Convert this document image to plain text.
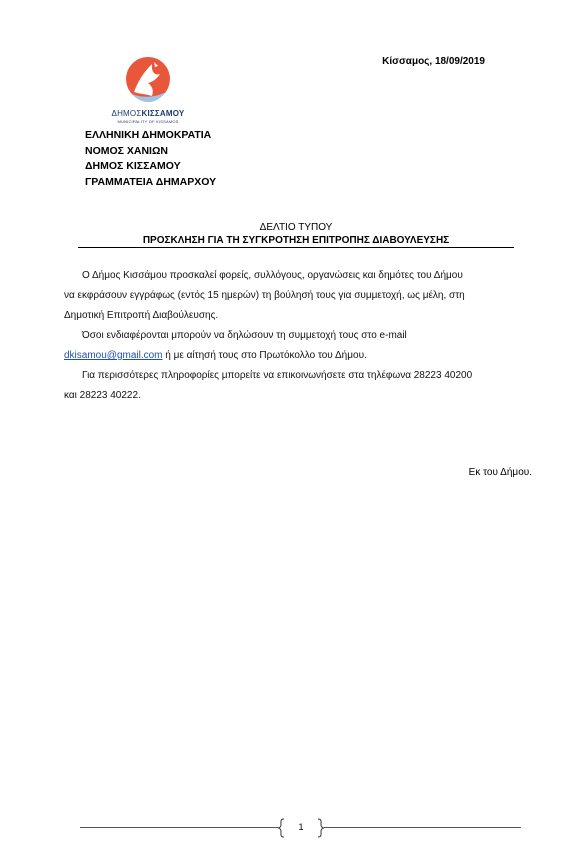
Κίσσαμος, 18/09/2019
ΔΗΜΟΣΚΙΣΣΑΜΟΥ
MUNICIPALITY OF KISSAMOS
ΕΛΛΗΝΙΚΗ ΔΗΜΟΚΡΑΤΙΑ
ΝΟΜΟΣ ΧΑΝΙΩΝ
ΔΗΜΟΣ ΚΙΣΣΑΜΟΥ
ΓΡΑΜΜΑΤΕΙΑ ΔΗΜΑΡΧΟΥ
ΔΕΛΤΙΟ ΤΥΠΟΥ
ΠΡΟΣΚΛΗΣΗ ΓΙΑ ΤΗ ΣΥΓΚΡΟΤΗΣΗ ΕΠΙΤΡΟΠΗΣ ΔΙΑΒΟΥΛΕΥΣΗΣ

Ο Δήμος Κισσάμου προσκαλεί φορείς, συλλόγους, οργανώσεις και δημότες του Δήμου

να εκφράσουν εγγράφως (εντός 15 ημερών) τη βούλησή τους για συμμετοχή, ως μέλη, στη

Δημοτική Επιτροπή Διαβούλευσης.

Όσοι ενδιαφέρονται μπορούν να δηλώσουν τη συμμετοχή τους στο e-mail

dkisamou@gmail.com ή με αίτησή τους στο Πρωτόκολλο του Δήμου.

Για περισσότερες πληροφορίες μπορείτε να επικοινωνήσετε στα τηλέφωνα 28223 40200

και 28223 40222.

Εκ του Δήμου.
1
